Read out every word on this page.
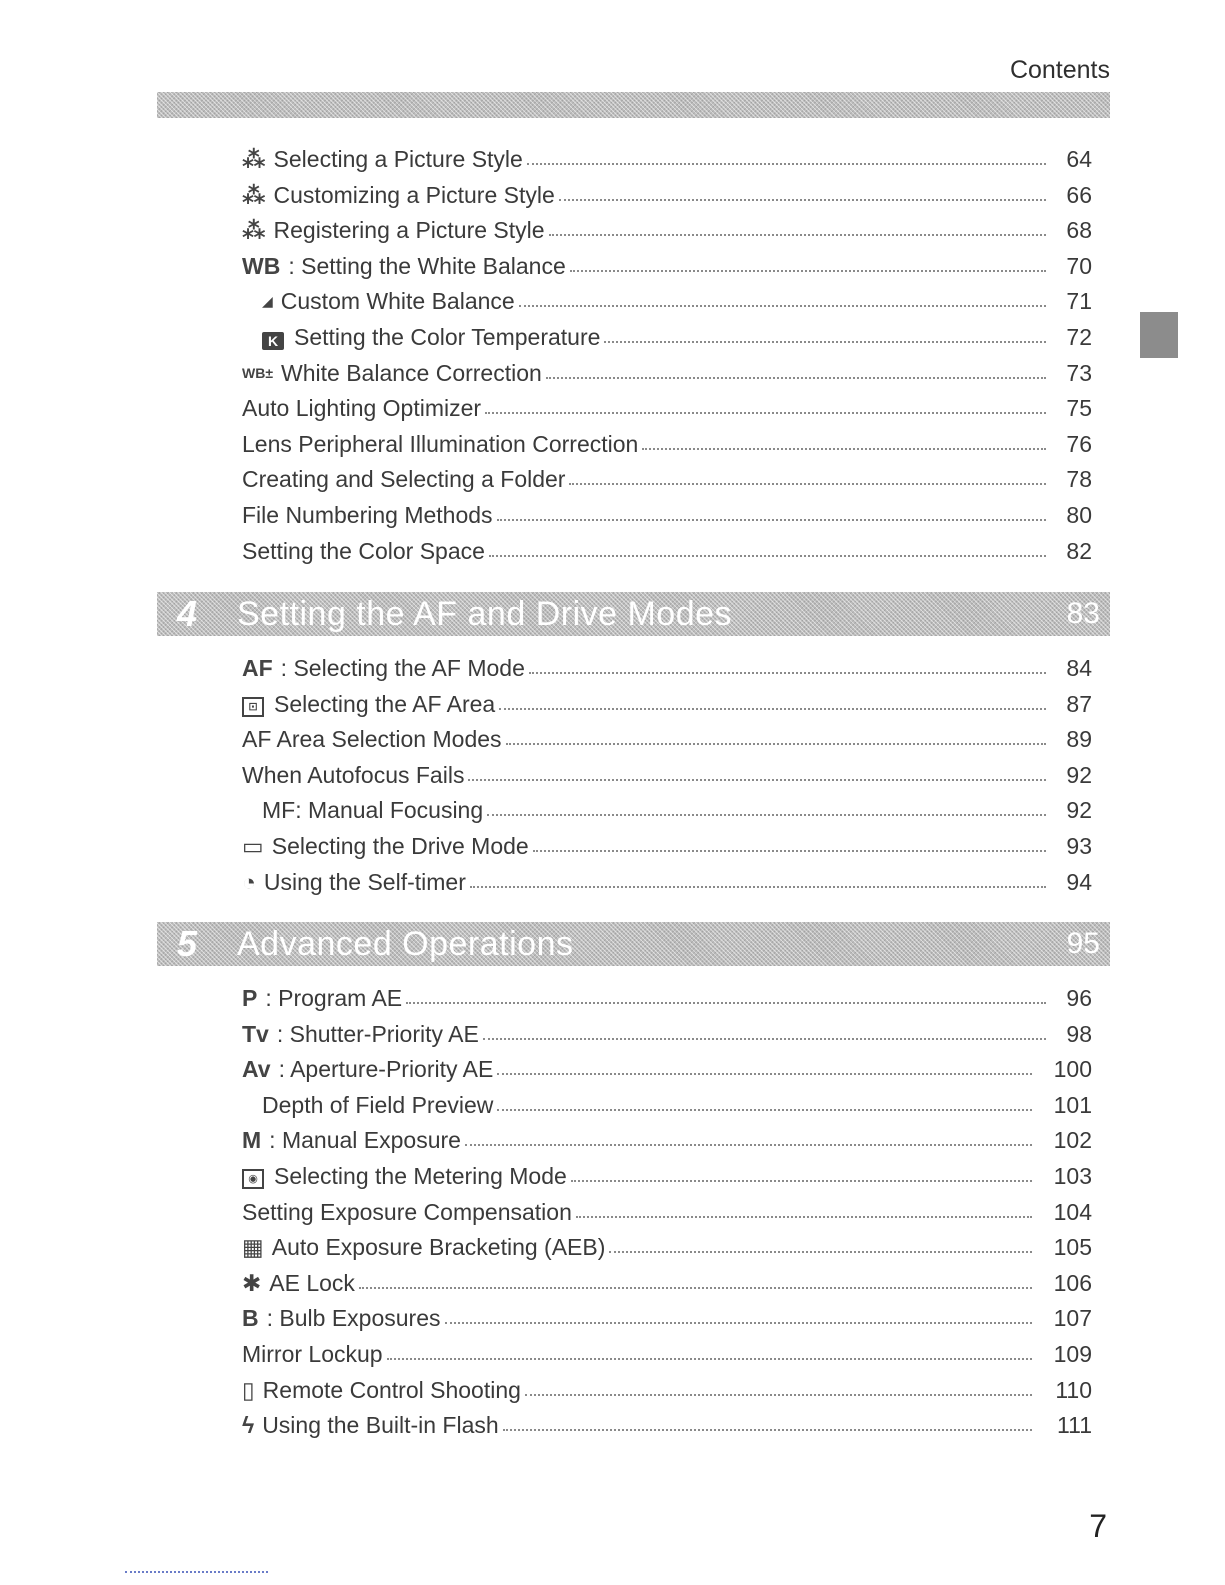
Contents
⁂ Selecting a Picture Style	64
⁂ Customizing a Picture Style	66
⁂ Registering a Picture Style	68
WB : Setting the White Balance	70
◢ Custom White Balance	71
K Setting the Color Temperature	72
WB± White Balance Correction	73
Auto Lighting Optimizer	75
Lens Peripheral Illumination Correction	76
Creating and Selecting a Folder	78
File Numbering Methods	80
Setting the Color Space	82
4	Setting the AF and Drive Modes	83
AF : Selecting the AF Mode	84
⊡ Selecting the AF Area	87
AF Area Selection Modes	89
When Autofocus Fails	92
MF: Manual Focusing	92
▭ Selecting the Drive Mode	93
◔ Using the Self-timer	94
5	Advanced Operations	95
P : Program AE	96
Tv : Shutter-Priority AE	98
Av : Aperture-Priority AE	100
Depth of Field Preview	101
M : Manual Exposure	102
◉ Selecting the Metering Mode	103
Setting Exposure Compensation	104
▦ Auto Exposure Bracketing (AEB)	105
✱ AE Lock	106
B : Bulb Exposures	107
Mirror Lockup	109
▯ Remote Control Shooting	110
ϟ Using the Built-in Flash	111
7
